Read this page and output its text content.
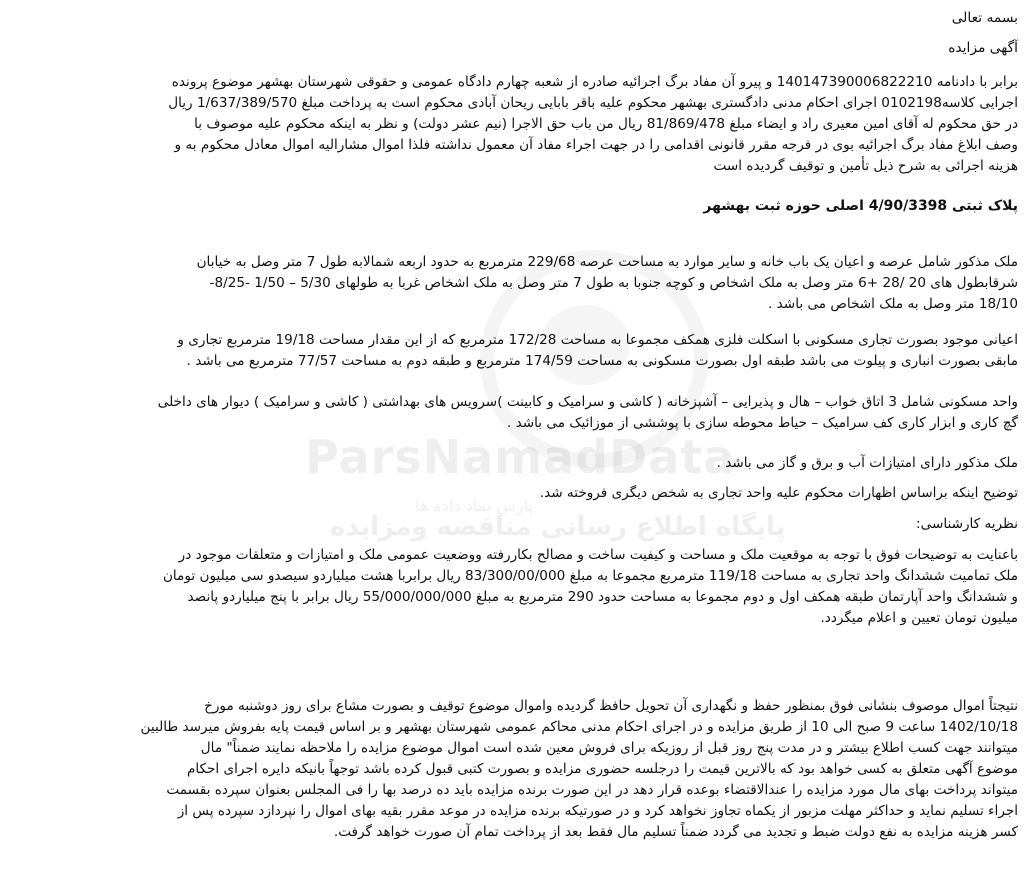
ParsNamadData
پارس نماد داده ها
پایگاه اطلاع رسانی مناقصه ومزایده
بسمه تعالی
آگهی مزایده
برابر با دادنامه 140147390006822210 و پیرو آن مفاد برگ اجرائیه صادره از شعبه چهارم دادگاه عمومی و حقوقی شهرستان بهشهر موضوع پرونده
اجرایی کلاسه0102198 اجرای احکام مدنی دادگستری بهشهر محکوم علیه باقر بابایی ریحان آبادی محکوم است به پرداخت مبلغ 1/637/389/570 ریال
در حق محکوم له آقای امین معیری راد و ایضاء مبلغ 81/869/478 ریال من باب حق الاجرا (نیم عشر دولت) و نظر به اینکه محکوم علیه موصوف با
وصف ابلاغ مفاد برگ اجرائیه بوی در فرجه مقرر قانونی اقدامی را در جهت اجراء مفاد آن معمول نداشته فلذا اموال مشارالیه اموال معادل محکوم به و
هزینه اجرائی به شرح ذیل تأمین و توقیف گردیده است
پلاک ثبتی 4/90/3398 اصلی حوزه ثبت بهشهر
ملک مذکور شامل عرصه و اعیان یک باب خانه و سایر موارد به مساحت عرصه 229/68 مترمربع به حدود اربعه شمالابه طول 7 متر وصل به خیابان
شرقابطول های 20 /28 +6 متر وصل به ملک اشخاص و کوچه جنوبا به طول 7 متر وصل به ملک اشخاص غربا به طولهای 5/30 – 1/50 -8/25-
18/10 متر وصل به ملک اشخاص می باشد .
اعیانی موجود بصورت تجاری مسکونی با اسکلت فلزی همکف مجموعا به مساحت 172/28 مترمربع که از این مقدار مساحت 19/18 مترمربع تجاری و
مابقی بصورت انباری و پیلوت می باشد طبقه اول بصورت مسکونی به مساحت 174/59 مترمربع و طبقه دوم به مساحت 77/57 مترمربع می باشد .
واحد مسکونی شامل 3 اتاق خواب – هال و پذیرایی – آشپزخانه ( کاشی و سرامیک و کابینت )سرویس های بهداشتی ( کاشی و سرامیک ) دیوار های داخلی
گچ کاری و ابزار کاری کف سرامیک – حیاط محوطه سازی با پوششی از موزائیک می باشد .
ملک مذکور دارای امتیازات آب و برق و گاز می باشد .
توضیح اینکه براساس اظهارات محکوم علیه واحد تجاری به شخص دیگری فروخته شد.
نظریه کارشناسی:
باعنایت به توضیحات فوق با توجه به موقعیت ملک و مساحت و کیفیت ساخت و مصالح بکاررفته ووضعیت عمومی ملک و امتیازات و متعلقات موجود در
ملک تمامیت ششدانگ واحد تجاری به مساحت 119/18 مترمربع مجموعا به مبلغ 83/300/00/000 ریال برابربا هشت میلیاردو سیصدو سی میلیون تومان
و ششدانگ واحد آپارتمان طبقه همکف اول و دوم مجموعا به مساحت حدود 290 مترمربع به مبلغ 55/000/000/000 ریال برابر با پنج میلیاردو پانصد
میلیون تومان تعیین و اعلام میگردد.
نتیجتاً اموال موصوف بنشانی فوق بمنظور حفظ و نگهداری آن تحویل حافظ گردیده واموال موضوع توقیف و بصورت مشاع برای روز دوشنبه مورخ
1402/10/18 ساعت 9 صبح الی 10 از طریق مزایده و در اجرای احکام مدنی محاکم عمومی شهرستان بهشهر و بر اساس قیمت پایه بفروش میرسد طالبین
میتوانند جهت کسب اطلاع بیشتر و در مدت پنج روز قبل از روزیکه برای فروش معین شده است اموال موضوع مزایده را ملاحظه نمایند ضمناً" مال
موضوع آگهی متعلق به کسی خواهد بود که بالاترین قیمت را درجلسه حضوری مزایده و بصورت کتبی قبول کرده باشد توجهاً بانیکه دایره اجرای احکام
میتواند پرداخت بهای مال مورد مزایده را عندالاقتضاء بوعده قرار دهد در این صورت برنده مزایده باید ده درصد بها را فی المجلس بعنوان سپرده بقسمت
اجراء تسلیم نماید و حداکثر مهلت مزبور از یکماه تجاوز نخواهد کرد و در صورتیکه برنده مزایده در موعد مقرر بقیه بهای اموال را نپردازد سپرده پس از
کسر هزینه مزایده به نفع دولت ضبط و تجدید می گردد ضمناً تسلیم مال فقط بعد از پرداخت تمام آن صورت خواهد گرفت.
